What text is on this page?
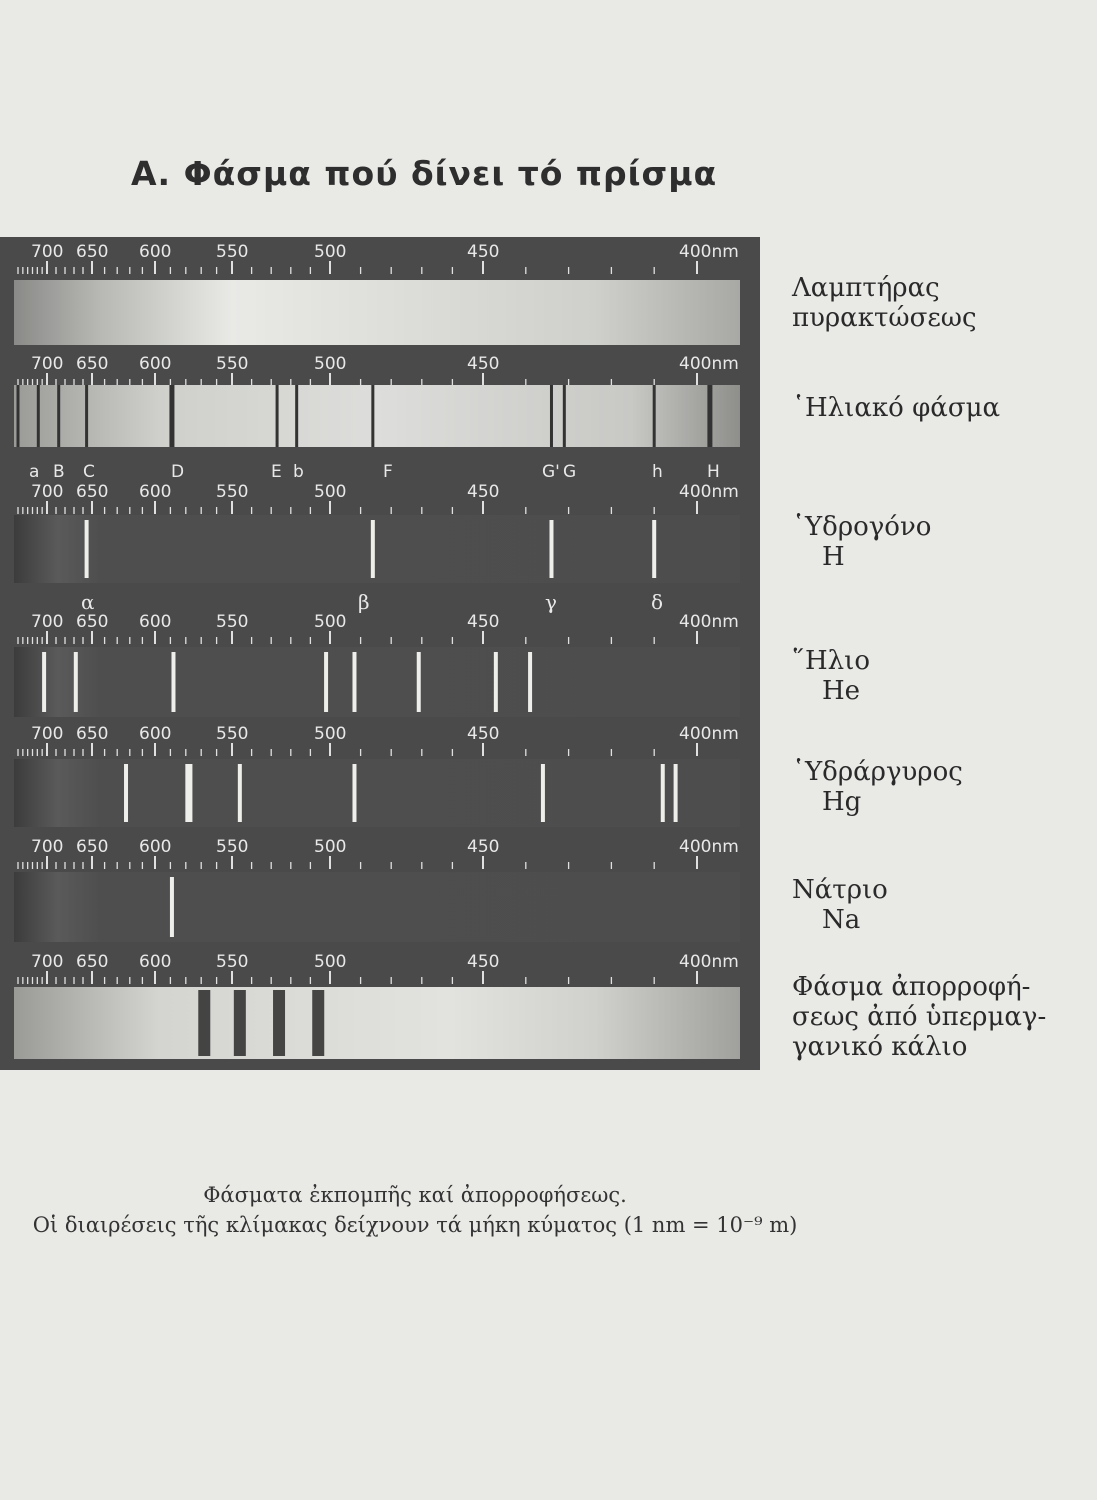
Α. Φάσμα πού δίνει τό πρίσμα
700 650 600	550	500	450	400nm
700 650 600	550	500	450	400nm
700 650 600	550	500	450	400nm
700 650 600	550	500	450	400nm
700 650 600	550	500	450	400nm
700 650 600	550	500	450	400nm
700 650 600	550	500	450	400nm
a B C	D	E b	F	G' G	h	H
α	β	γ	δ
Λαμπτήρας
πυρακτώσεως
῾Ηλιακό φάσμα
῾Υδρογόνο
Η
῞Ηλιο
He
῾Υδράργυρος
Hg
Νάτριο
Na
Φάσμα ἀπορροφή-
σεως ἀπό ὑπερμαγ-
γανικό κάλιο
Φάσματα ἐκπομπῆς καί ἀπορροφήσεως.
Οἱ διαιρέσεις τῆς κλίμακας δείχνουν τά μήκη κύματος (1 nm = 10⁻⁹ m)
